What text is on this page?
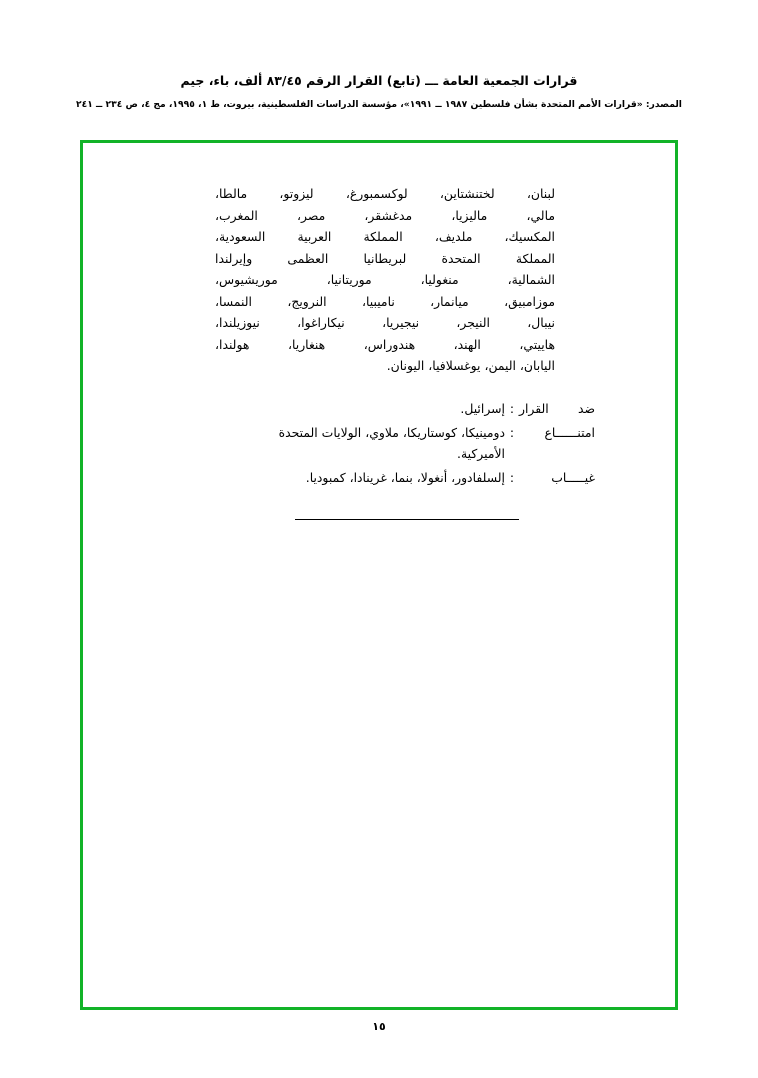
قرارات الجمعية العامة ـــ (تابع) القرار الرقم ٨٣/٤٥ ألف، باء، جيم
المصدر: «قرارات الأمم المتحدة بشأن فلسطين ١٩٨٧ ــ ١٩٩١»، مؤسسة الدراسات الفلسطينية، بيروت، ط ١، ١٩٩٥، مج ٤، ص ٢٣٤ ــ ٢٤١
لبنان، لختنشتاين، لوكسمبورغ، ليزوتو، مالطا،
مالي، ماليزيا، مدغشقر، مصر، المغرب،
المكسيك، ملديف، المملكة العربية السعودية،
المملكة المتحدة لبريطانيا العظمى وإيرلندا
الشمالية، منغوليا، موريتانيا، موريشيوس،
موزامبيق، ميانمار، ناميبيا، النرويج، النمسا،
نيبال، النيجر، نيجيريا، نيكاراغوا، نيوزيلندا،
هاييتي، الهند، هندوراس، هنغاريا، هولندا،
اليابان، اليمن، يوغسلافيا، اليونان.
ضد القرار
:
إسرائيل.
امتنــــــاع
:
دومينيكا، كوستاريكا، ملاوي، الولايات المتحدة
الأميركية.
غيـــــاب
:
إلسلفادور، أنغولا، بنما، غرينادا، كمبوديا.
١٥
